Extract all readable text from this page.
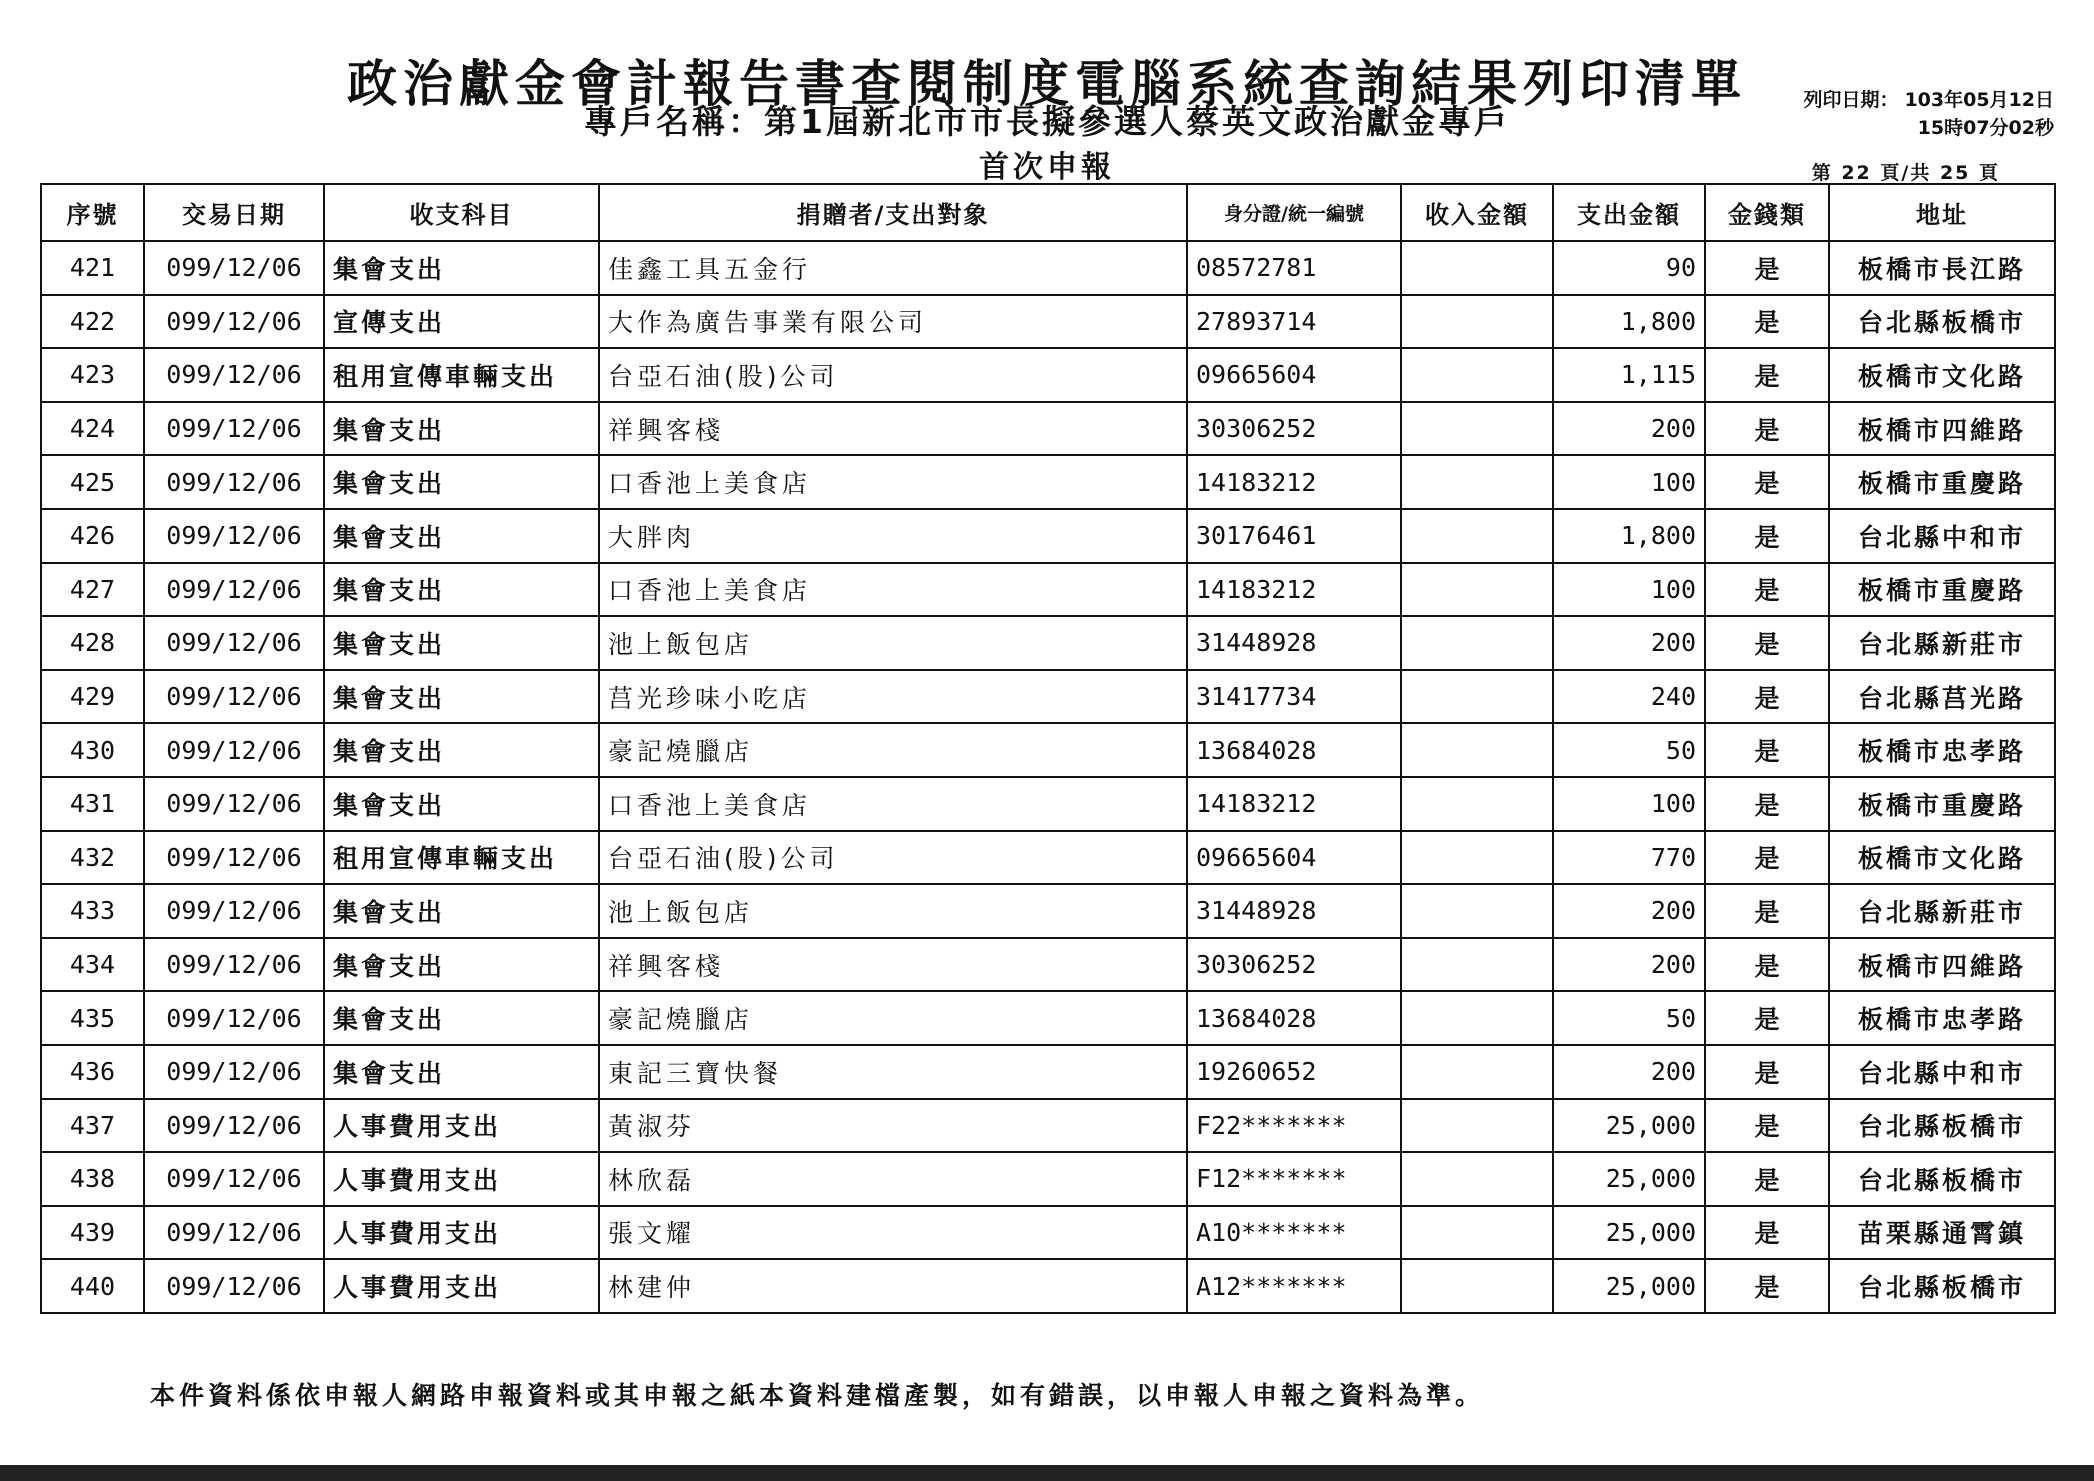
政治獻金會計報告書查閱制度電腦系統查詢結果列印清單
專戶名稱：第1屆新北市市長擬參選人蔡英文政治獻金專戶
首次申報
列印日期： 103年05月12日
15時07分02秒
第 22 頁/共 25 頁
序號	交易日期	收支科目	捐贈者/支出對象	身分證/統一編號	收入金額	支出金額	金錢類	地址
421	099/12/06	集會支出	佳鑫工具五金行	08572781		90	是	板橋市長江路
422	099/12/06	宣傳支出	大作為廣告事業有限公司	27893714		1,800	是	台北縣板橋市
423	099/12/06	租用宣傳車輛支出	台亞石油(股)公司	09665604		1,115	是	板橋市文化路
424	099/12/06	集會支出	祥興客棧	30306252		200	是	板橋市四維路
425	099/12/06	集會支出	口香池上美食店	14183212		100	是	板橋市重慶路
426	099/12/06	集會支出	大胖肉	30176461		1,800	是	台北縣中和市
427	099/12/06	集會支出	口香池上美食店	14183212		100	是	板橋市重慶路
428	099/12/06	集會支出	池上飯包店	31448928		200	是	台北縣新莊市
429	099/12/06	集會支出	莒光珍味小吃店	31417734		240	是	台北縣莒光路
430	099/12/06	集會支出	豪記燒臘店	13684028		50	是	板橋市忠孝路
431	099/12/06	集會支出	口香池上美食店	14183212		100	是	板橋市重慶路
432	099/12/06	租用宣傳車輛支出	台亞石油(股)公司	09665604		770	是	板橋市文化路
433	099/12/06	集會支出	池上飯包店	31448928		200	是	台北縣新莊市
434	099/12/06	集會支出	祥興客棧	30306252		200	是	板橋市四維路
435	099/12/06	集會支出	豪記燒臘店	13684028		50	是	板橋市忠孝路
436	099/12/06	集會支出	東記三寶快餐	19260652		200	是	台北縣中和市
437	099/12/06	人事費用支出	黃淑芬	F22*******		25,000	是	台北縣板橋市
438	099/12/06	人事費用支出	林欣磊	F12*******		25,000	是	台北縣板橋市
439	099/12/06	人事費用支出	張文耀	A10*******		25,000	是	苗栗縣通霄鎮
440	099/12/06	人事費用支出	林建仲	A12*******		25,000	是	台北縣板橋市
本件資料係依申報人網路申報資料或其申報之紙本資料建檔產製，如有錯誤，以申報人申報之資料為準。
